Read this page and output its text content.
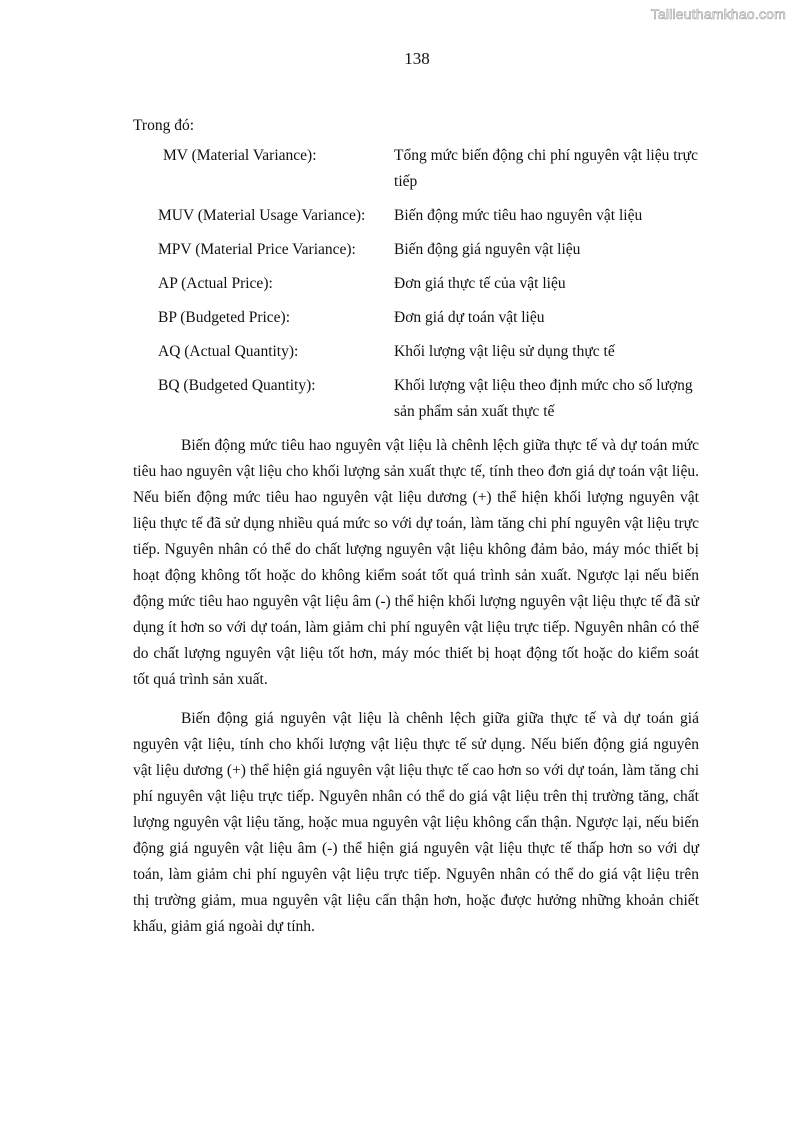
Tailieuthamkhao.com
138

Trong đó:

MV (Material Variance):	Tổng mức biến động chi phí nguyên vật liệu trực tiếp
MUV (Material Usage Variance):	Biến động mức tiêu hao nguyên vật liệu
MPV (Material Price Variance):	Biến động giá nguyên vật liệu
AP (Actual Price):	Đơn giá thực tế của vật liệu
BP (Budgeted Price):	Đơn giá dự toán vật liệu
AQ (Actual Quantity):	Khối lượng vật liệu sử dụng thực tế
BQ (Budgeted Quantity):	Khối lượng vật liệu theo định mức cho số lượng sản phẩm sản xuất thực tế

Biến động mức tiêu hao nguyên vật liệu là chênh lệch giữa thực tế và dự toán mức tiêu hao nguyên vật liệu cho khối lượng sản xuất thực tế, tính theo đơn giá dự toán vật liệu. Nếu biến động mức tiêu hao nguyên vật liệu dương (+) thể hiện khối lượng nguyên vật liệu thực tế đã sử dụng nhiều quá mức so với dự toán, làm tăng chi phí nguyên vật liệu trực tiếp. Nguyên nhân có thể do chất lượng nguyên vật liệu không đảm bảo, máy móc thiết bị hoạt động không tốt hoặc do không kiểm soát tốt quá trình sản xuất. Ngược lại nếu biến động mức tiêu hao nguyên vật liệu âm (-) thể hiện khối lượng nguyên vật liệu thực tế đã sử dụng ít hơn so với dự toán, làm giảm chi phí nguyên vật liệu trực tiếp. Nguyên nhân có thể do chất lượng nguyên vật liệu tốt hơn, máy móc thiết bị hoạt động tốt hoặc do kiểm soát tốt quá trình sản xuất.

Biến động giá nguyên vật liệu là chênh lệch giữa giữa thực tế và dự toán giá nguyên vật liệu, tính cho khối lượng vật liệu thực tế sử dụng. Nếu biến động giá nguyên vật liệu dương (+) thể hiện giá nguyên vật liệu thực tế cao hơn so với dự toán, làm tăng chi phí nguyên vật liệu trực tiếp. Nguyên nhân có thể do giá vật liệu trên thị trường tăng, chất lượng nguyên vật liệu tăng, hoặc mua nguyên vật liệu không cẩn thận. Ngược lại, nếu biến động giá nguyên vật liệu âm (-) thể hiện giá nguyên vật liệu thực tế thấp hơn so với dự toán, làm giảm chi phí nguyên vật liệu trực tiếp. Nguyên nhân có thể do giá vật liệu trên thị trường giảm, mua nguyên vật liệu cẩn thận hơn, hoặc được hưởng những khoản chiết khấu, giảm giá ngoài dự tính.
